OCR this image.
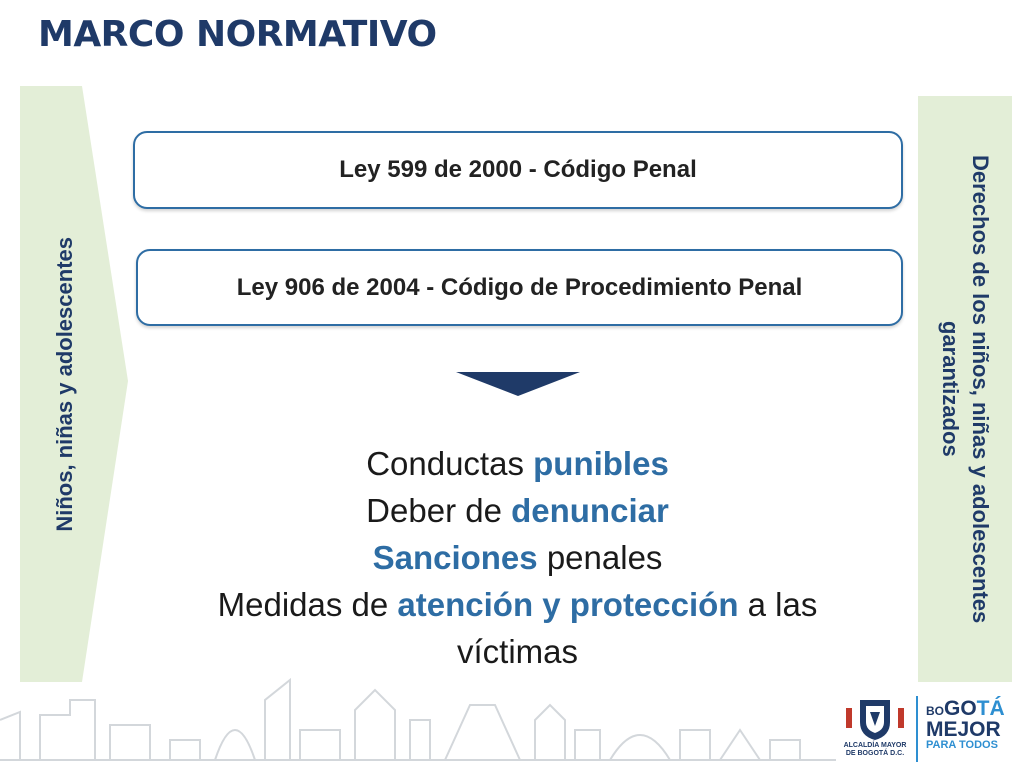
MARCO NORMATIVO
Niños, niñas y adolescentes	Derechos de los niños, niñas y adolescentes garantizados
Ley 599 de 2000 - Código Penal
Ley 906 de 2004 - Código de Procedimiento Penal
Conductas punibles
Deber de denunciar
Sanciones penales
Medidas de atención y protección a las
víctimas
ALCALDÍA MAYOR
DE BOGOTÁ D.C.
BOGOTÁ
MEJOR
PARA TODOS
